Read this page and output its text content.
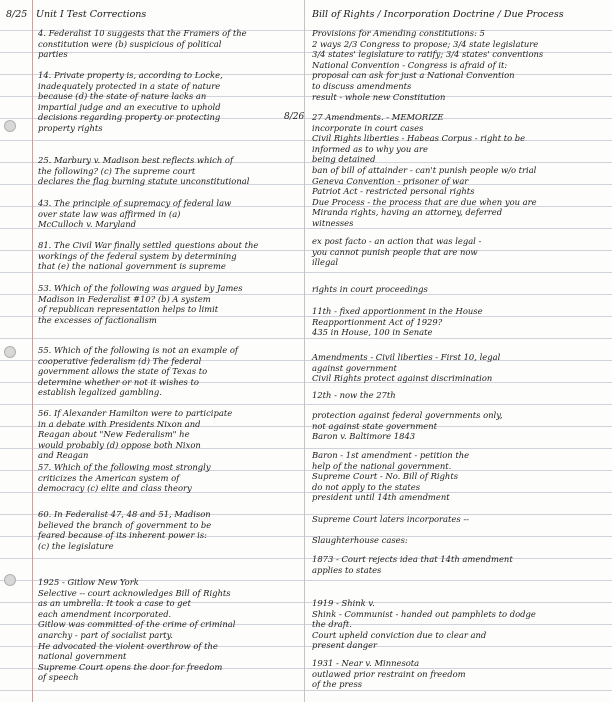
8/25 Unit I Test Corrections	Bill of Rights / Incorporation Doctrine / Due Process
4. Federalist 10 suggests that the Framers of the
constitution were (b) suspicious of political
parties
14. Private property is, according to Locke,
inadequately protected in a state of nature
because (d) the state of nature lacks an
impartial judge and an executive to uphold
decisions regarding property or protecting
property rights
25. Marbury v. Madison best reflects which of
the following? (c) The supreme court
declares the flag burning statute unconstitutional
43. The principle of supremacy of federal law
over state law was affirmed in (a)
McCulloch v. Maryland
81. The Civil War finally settled questions about the
workings of the federal system by determining
that (e) the national government is supreme
53. Which of the following was argued by James
Madison in Federalist #10? (b) A system
of republican representation helps to limit
the excesses of factionalism
55. Which of the following is not an example of
cooperative federalism (d) The federal
government allows the state of Texas to
determine whether or not it wishes to
establish legalized gambling.
56. If Alexander Hamilton were to participate
in a debate with Presidents Nixon and
Reagan about "New Federalism" he
would probably (d) oppose both Nixon
and Reagan
57. Which of the following most strongly
criticizes the American system of
democracy (c) elite and class theory
60. In Federalist 47, 48 and 51, Madison
believed the branch of government to be
feared because of its inherent power is:
(c) the legislature
1925 - Gitlow New York
Selective -- court acknowledges Bill of Rights
as an umbrella. It took a case to get
each amendment incorporated.
Gitlow was committed of the crime of criminal
anarchy - part of socialist party.
He advocated the violent overthrow of the
national government
Supreme Court opens the door for freedom
of speech
8/26
Provisions for Amending constitutions: 5
2 ways 2/3 Congress to propose; 3/4 state legislature
3/4 states' legislature to ratify; 3/4 states' conventions
National Convention - Congress is afraid of it:
proposal can ask for just a National Convention
to discuss amendments
result - whole new Constitution
27 Amendments. - MEMORIZE
incorporate in court cases
Civil Rights liberties - Habeas Corpus - right to be
informed as to why you are
being detained
ban of bill of attainder - can't punish people w/o trial
Geneva Convention - prisoner of war
Patriot Act - restricted personal rights
Due Process - the process that are due when you are
Miranda rights, having an attorney, deferred
witnesses
ex post facto - an action that was legal -
you cannot punish people that are now
illegal
rights in court proceedings
11th - fixed apportionment in the House
Reapportionment Act of 1929?
435 in House, 100 in Senate
Amendments - Civil liberties - First 10, legal
against government
Civil Rights protect against discrimination
12th - now the 27th
protection against federal governments only,
not against state government
Baron v. Baltimore 1843
Baron - 1st amendment - petition the
help of the national government.
Supreme Court - No. Bill of Rights
do not apply to the states
president until 14th amendment
Supreme Court laters incorporates --
Slaughterhouse cases:
1873 - Court rejects idea that 14th amendment
applies to states
1919 - Shink v.
Shink - Communist - handed out pamphlets to dodge
the draft.
Court upheld conviction due to clear and
present danger
1931 - Near v. Minnesota
outlawed prior restraint on freedom
of the press
